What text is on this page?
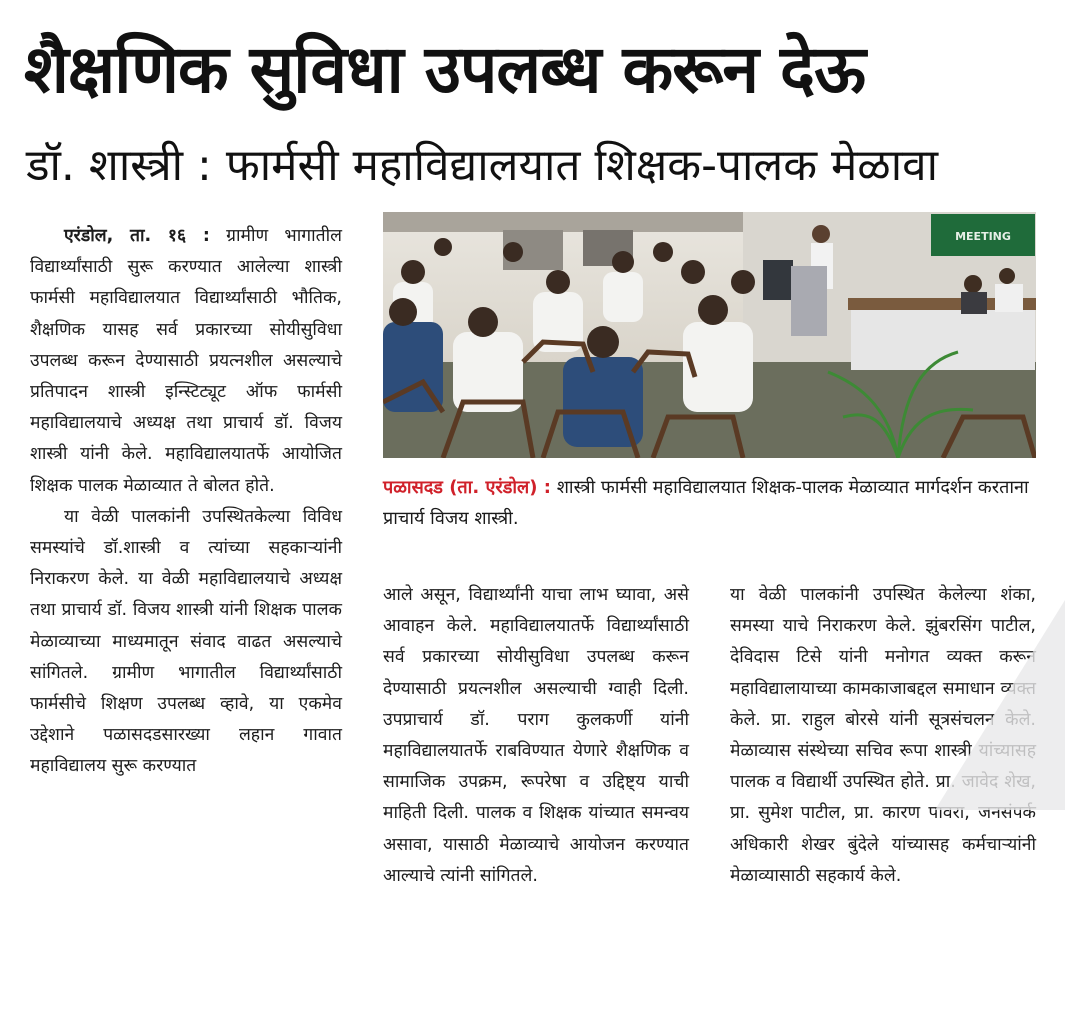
शैक्षणिक सुविधा उपलब्ध करून देऊ
डॉ. शास्त्री : फार्मसी महाविद्यालयात शिक्षक-पालक मेळावा

एरंडोल, ता. १६ : ग्रामीण भागातील विद्यार्थ्यांसाठी सुरू करण्यात आलेल्या शास्त्री फार्मसी महाविद्यालयात विद्यार्थ्यांसाठी भौतिक, शैक्षणिक यासह सर्व प्रकारच्या सोयीसुविधा उपलब्ध करून देण्यासाठी प्रयत्नशील असल्याचे प्रतिपादन शास्त्री इन्स्टिट्यूट ऑफ फार्मसी महाविद्यालयाचे अध्यक्ष तथा प्राचार्य डॉ. विजय शास्त्री यांनी केले. महाविद्यालयातर्फे आयोजित शिक्षक पालक मेळाव्यात ते बोलत होते.

या वेळी पालकांनी उपस्थितकेल्या विविध समस्यांचे डॉ.शास्त्री व त्यांच्या सहकाऱ्यांनी निराकरण केले. या वेळी महाविद्यालयाचे अध्यक्ष तथा प्राचार्य डॉ. विजय शास्त्री यांनी शिक्षक पालक मेळाव्याच्या माध्यमातून संवाद वाढत असल्याचे सांगितले. ग्रामीण भागातील विद्यार्थ्यांसाठी फार्मसीचे शिक्षण उपलब्ध व्हावे, या एकमेव उद्देशाने पळासदडसारख्या लहान गावात महाविद्यालय सुरू करण्यात

MEETING
पळासदड (ता. एरंडोल) : शास्त्री फार्मसी महाविद्यालयात शिक्षक-पालक मेळाव्यात मार्गदर्शन करताना प्राचार्य विजय शास्त्री.

आले असून, विद्यार्थ्यांनी याचा लाभ घ्यावा, असे आवाहन केले. महाविद्यालयातर्फे विद्यार्थ्यांसाठी सर्व प्रकारच्या सोयीसुविधा उपलब्ध करून देण्यासाठी प्रयत्नशील असल्याची ग्वाही दिली. उपप्राचार्य डॉ. पराग कुलकर्णी यांनी महाविद्यालयातर्फे राबविण्यात येणारे शैक्षणिक व सामाजिक उपक्रम, रूपरेषा व उद्दिष्ट्य याची माहिती दिली. पालक व शिक्षक यांच्यात समन्वय असावा, यासाठी मेळाव्याचे आयोजन करण्यात आल्याचे त्यांनी सांगितले.

या वेळी पालकांनी उपस्थित केलेल्या शंका, समस्या याचे निराकरण केले. झुंबरसिंग पाटील, देविदास टिसे यांनी मनोगत व्यक्त करून महाविद्यालायाच्या कामकाजाबद्दल समाधान व्यक्त केले. प्रा. राहुल बोरसे यांनी सूत्रसंचलन केले. मेळाव्यास संस्थेच्या सचिव रूपा शास्त्री यांच्यासह पालक व विद्यार्थी उपस्थित होते. प्रा. जावेद शेख, प्रा. सुमेश पाटील, प्रा. कारण पावरा, जनसंपर्क अधिकारी शेखर बुंदेले यांच्यासह कर्मचाऱ्यांनी मेळाव्यासाठी सहकार्य केले.
